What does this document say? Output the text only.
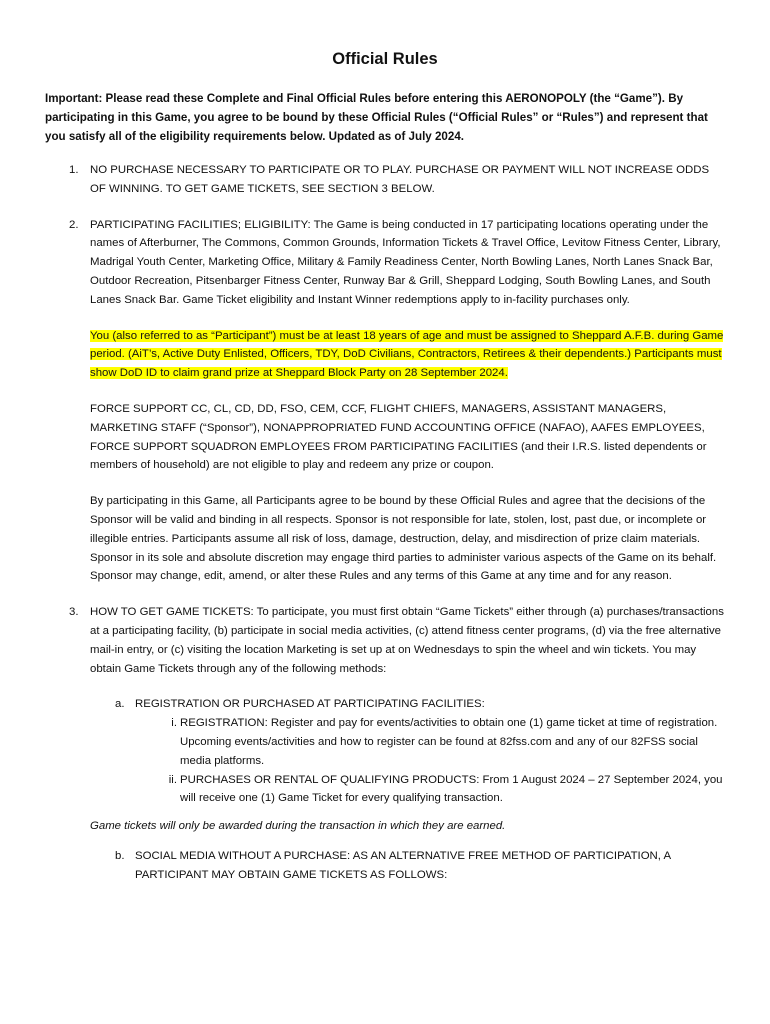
Official Rules
Important: Please read these Complete and Final Official Rules before entering this AERONOPOLY (the “Game”). By participating in this Game, you agree to be bound by these Official Rules (“Official Rules” or “Rules”) and represent that you satisfy all of the eligibility requirements below. Updated as of July 2024.
1. NO PURCHASE NECESSARY TO PARTICIPATE OR TO PLAY. PURCHASE OR PAYMENT WILL NOT INCREASE ODDS OF WINNING. TO GET GAME TICKETS, SEE SECTION 3 BELOW.
2. PARTICIPATING FACILITIES; ELIGIBILITY: The Game is being conducted in 17 participating locations operating under the names of Afterburner, The Commons, Common Grounds, Information Tickets & Travel Office, Levitow Fitness Center, Library, Madrigal Youth Center, Marketing Office, Military & Family Readiness Center, North Bowling Lanes, North Lanes Snack Bar, Outdoor Recreation, Pitsenbarger Fitness Center, Runway Bar & Grill, Sheppard Lodging, South Bowling Lanes, and South Lanes Snack Bar. Game Ticket eligibility and Instant Winner redemptions apply to in-facility purchases only.
You (also referred to as “Participant”) must be at least 18 years of age and must be assigned to Sheppard A.F.B. during Game period. (AiT’s, Active Duty Enlisted, Officers, TDY, DoD Civilians, Contractors, Retirees & their dependents.) Participants must show DoD ID to claim grand prize at Sheppard Block Party on 28 September 2024.
FORCE SUPPORT CC, CL, CD, DD, FSO, CEM, CCF, FLIGHT CHIEFS, MANAGERS, ASSISTANT MANAGERS, MARKETING STAFF (“Sponsor”), NONAPPROPRIATED FUND ACCOUNTING OFFICE (NAFAO), AAFES EMPLOYEES, FORCE SUPPORT SQUADRON EMPLOYEES FROM PARTICIPATING FACILITIES (and their I.R.S. listed dependents or members of household) are not eligible to play and redeem any prize or coupon.
By participating in this Game, all Participants agree to be bound by these Official Rules and agree that the decisions of the Sponsor will be valid and binding in all respects. Sponsor is not responsible for late, stolen, lost, past due, or incomplete or illegible entries. Participants assume all risk of loss, damage, destruction, delay, and misdirection of prize claim materials. Sponsor in its sole and absolute discretion may engage third parties to administer various aspects of the Game on its behalf. Sponsor may change, edit, amend, or alter these Rules and any terms of this Game at any time and for any reason.
3. HOW TO GET GAME TICKETS: To participate, you must first obtain “Game Tickets” either through (a) purchases/transactions at a participating facility, (b) participate in social media activities, (c) attend fitness center programs, (d) via the free alternative mail-in entry, or (c) visiting the location Marketing is set up at on Wednesdays to spin the wheel and win tickets. You may obtain Game Tickets through any of the following methods:
a. REGISTRATION OR PURCHASED AT PARTICIPATING FACILITIES:
i. REGISTRATION: Register and pay for events/activities to obtain one (1) game ticket at time of registration. Upcoming events/activities and how to register can be found at 82fss.com and any of our 82FSS social media platforms.
ii. PURCHASES OR RENTAL OF QUALIFYING PRODUCTS: From 1 August 2024 – 27 September 2024, you will receive one (1) Game Ticket for every qualifying transaction.
Game tickets will only be awarded during the transaction in which they are earned.
b. SOCIAL MEDIA WITHOUT A PURCHASE: AS AN ALTERNATIVE FREE METHOD OF PARTICIPATION, A PARTICIPANT MAY OBTAIN GAME TICKETS AS FOLLOWS:
